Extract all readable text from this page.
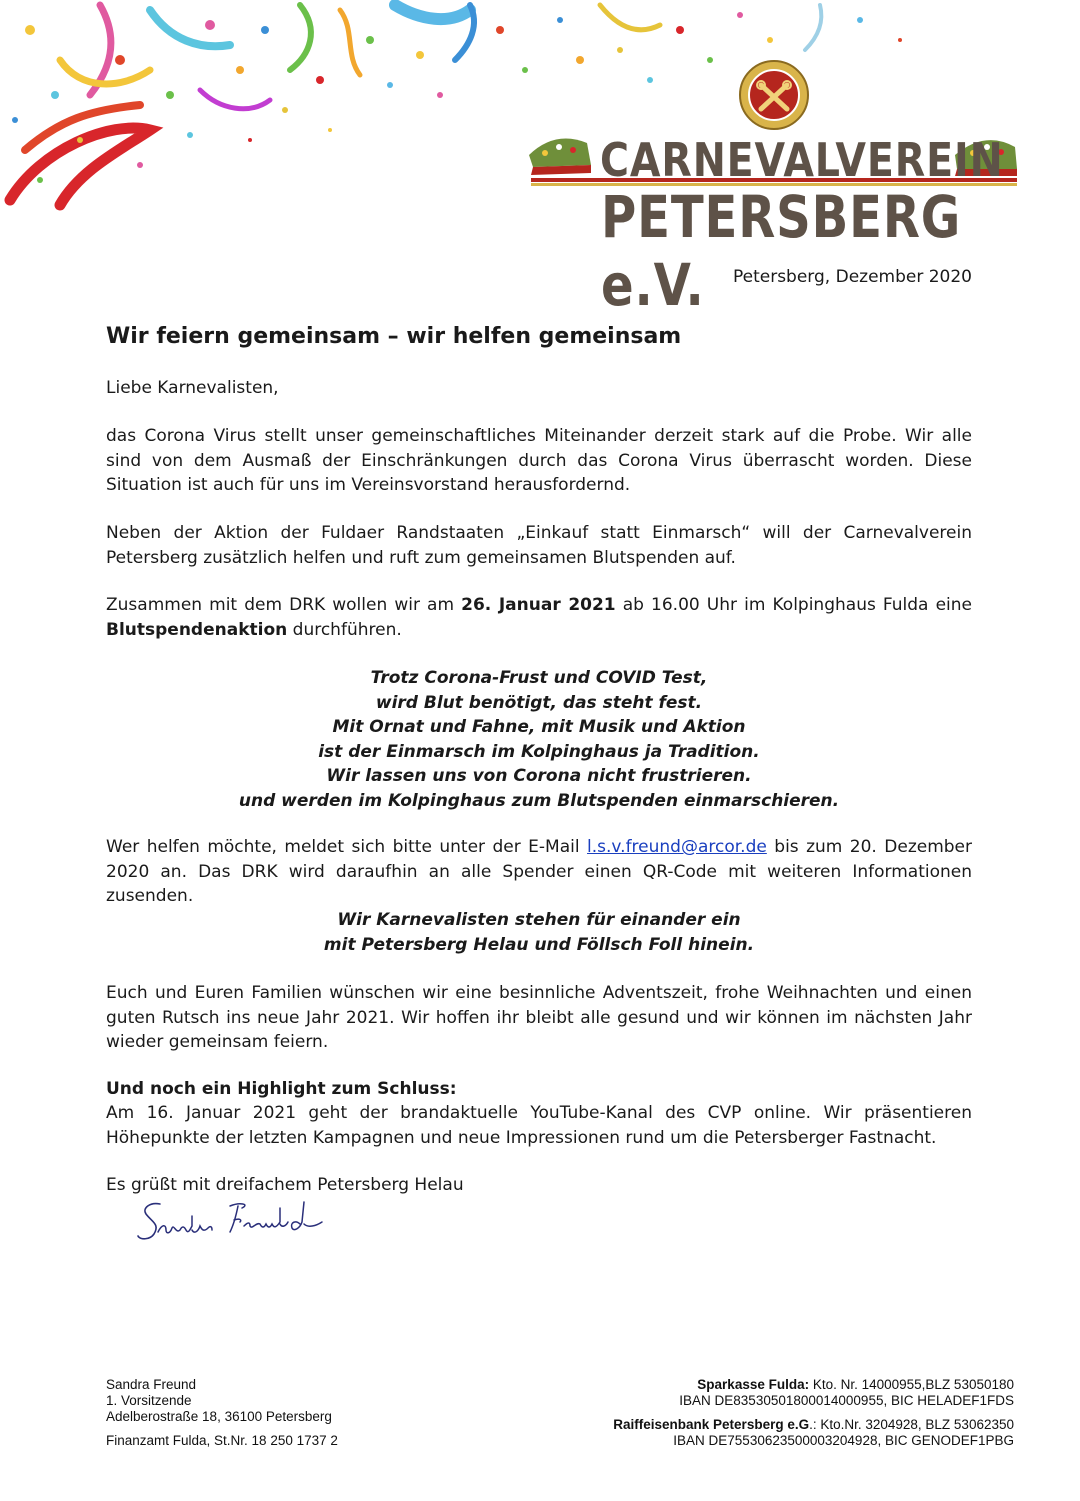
CARNEVALVEREIN
PETERSBERG e.V.	Petersberg, Dezember 2020
Wir feiern gemeinsam – wir helfen gemeinsam

Liebe Karnevalisten,

das Corona Virus stellt unser gemeinschaftliches Miteinander derzeit stark auf die Probe. Wir alle sind von dem Ausmaß der Einschränkungen durch das Corona Virus überrascht worden. Diese Situation ist auch für uns im Vereinsvorstand herausfordernd.

Neben der Aktion der Fuldaer Randstaaten „Einkauf statt Einmarsch“ will der Carnevalverein Petersberg zusätzlich helfen und ruft zum gemeinsamen Blutspenden auf.

Zusammen mit dem DRK wollen wir am 26. Januar 2021 ab 16.00 Uhr im Kolpinghaus Fulda eine Blutspendenaktion durchführen.

Trotz Corona-Frust und COVID Test,
wird Blut benötigt, das steht fest.
Mit Ornat und Fahne, mit Musik und Aktion
ist der Einmarsch im Kolpinghaus ja Tradition.
Wir lassen uns von Corona nicht frustrieren.
und werden im Kolpinghaus zum Blutspenden einmarschieren.

Wer helfen möchte, meldet sich bitte unter der E-Mail l.s.v.freund@arcor.de bis zum 20. Dezember 2020 an. Das DRK wird daraufhin an alle Spender einen QR-Code mit weiteren Informationen zusenden.

Wir Karnevalisten stehen für einander ein
mit Petersberg Helau und Föllsch Foll hinein.

Euch und Euren Familien wünschen wir eine besinnliche Adventszeit, frohe Weihnachten und einen guten Rutsch ins neue Jahr 2021. Wir hoffen ihr bleibt alle gesund und wir können im nächsten Jahr wieder gemeinsam feiern.

Und noch ein Highlight zum Schluss:

Am 16. Januar 2021 geht der brandaktuelle YouTube-Kanal des CVP online. Wir präsentieren Höhepunkte der letzten Kampagnen und neue Impressionen rund um die Petersberger Fastnacht.

Es grüßt mit dreifachem Petersberg Helau

Sandra Freund
1. Vorsitzende
Adelberostraße 18, 36100 Petersberg
Finanzamt Fulda, St.Nr. 18 250 1737 2
Sparkasse Fulda: Kto. Nr. 14000955,BLZ 53050180
IBAN DE83530501800014000955, BIC HELADEF1FDS
Raiffeisenbank Petersberg e.G.: Kto.Nr. 3204928, BLZ 53062350
IBAN DE75530623500003204928, BIC GENODEF1PBG
